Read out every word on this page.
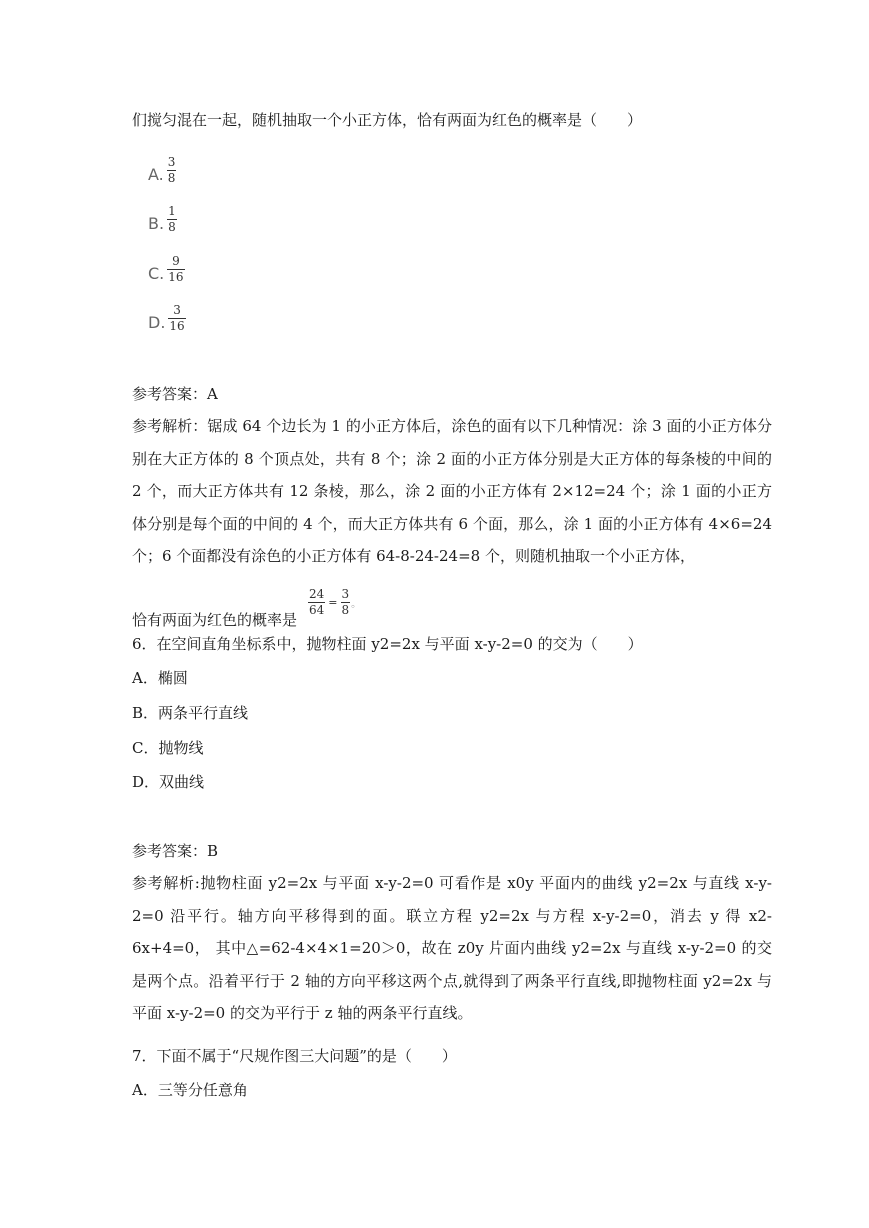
们搅匀混在一起，随机抽取一个小正方体，恰有两面为红色的概率是（　　）
A. $\frac{3}{8}$
B. $\frac{1}{8}$
C. $\frac{9}{16}$
D. $\frac{3}{16}$
参考答案：A
参考解析：锯成 64 个边长为 1 的小正方体后，涂色的面有以下几种情况：涂 3 面的小正方体分别在大正方体的 8 个顶点处，共有 8 个；涂 2 面的小正方体分别是大正方体的每条棱的中间的 2 个，而大正方体共有 12 条棱，那么，涂 2 面的小正方体有 2×12=24 个；涂 1 面的小正方体分别是每个面的中间的 4 个，而大正方体共有 6 个面，那么，涂 1 面的小正方体有 4×6=24 个；6 个面都没有涂色的小正方体有 64-8-24-24=8 个，则随机抽取一个小正方体，
恰有两面为红色的概率是
$\frac{24}{64} = \frac{3}{8}$ 。
6．在空间直角坐标系中，抛物柱面 y2=2x 与平面 x-y-2=0 的交为（　　）
A．椭圆
B．两条平行直线
C．抛物线
D．双曲线
参考答案：B
参考解析:抛物柱面 y2=2x 与平面 x-y-2=0 可看作是 x0y 平面内的曲线 y2=2x 与直线 x-y-2=0 沿平行。轴方向平移得到的面。联立方程 y2=2x 与方程 x-y-2=0，消去 y 得 x2-6x+4=0， 其中△=62-4×4×1=20＞0，故在 z0y 片面内曲线 y2=2x 与直线 x-y-2=0 的交是两个点。沿着平行于 2 轴的方向平移这两个点,就得到了两条平行直线,即抛物柱面 y2=2x 与平面 x-y-2=0 的交为平行于 z 轴的两条平行直线。
7．下面不属于“尺规作图三大问题”的是（　　）
A．三等分任意角
